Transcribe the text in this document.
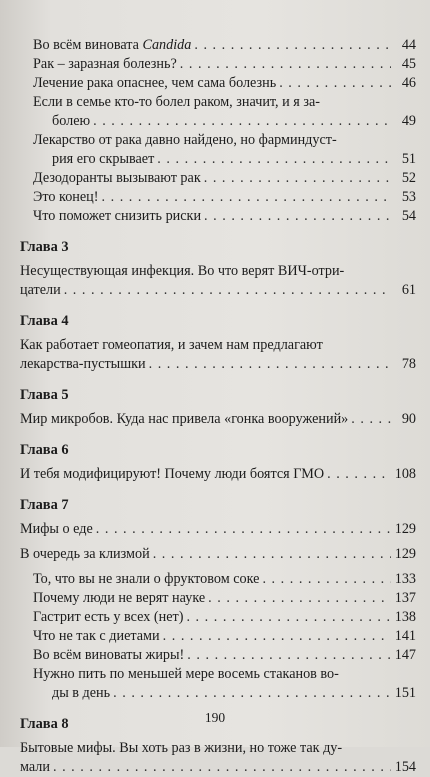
Во всём виновата Candida . . .	44
Рак – заразная болезнь? . . .	45
Лечение рака опаснее, чем сама болезнь . . .	46
Если в семье кто-то болел раком, значит, и я за-
болею . . .	49
Лекарство от рака давно найдено, но фарминдуст-
рия его скрывает . . .	51
Дезодоранты вызывают рак . . .	52
Это конец! . . .	53
Что поможет снизить риски . . .	54
Глава 3
Несуществующая инфекция. Во что верят ВИЧ-отри-
цатели . . .	61
Глава 4
Как работает гомеопатия, и зачем нам предлагают
лекарства-пустышки . . .	78
Глава 5
Мир микробов. Куда нас привела «гонка вооружений» . . .	90
Глава 6
И тебя модифицируют! Почему люди боятся ГМО . . .	108
Глава 7
Мифы о еде . . .	129
В очередь за клизмой . . .	129
То, что вы не знали о фруктовом соке . . .	133
Почему люди не верят науке . . .	137
Гастрит есть у всех (нет) . . .	138
Что не так с диетами . . .	141
Во всём виноваты жиры! . . .	147
Нужно пить по меньшей мере восемь стаканов во-
ды в день . . .	151
Глава 8
Бытовые мифы. Вы хоть раз в жизни, но тоже так ду-
мали . . .	154
190
